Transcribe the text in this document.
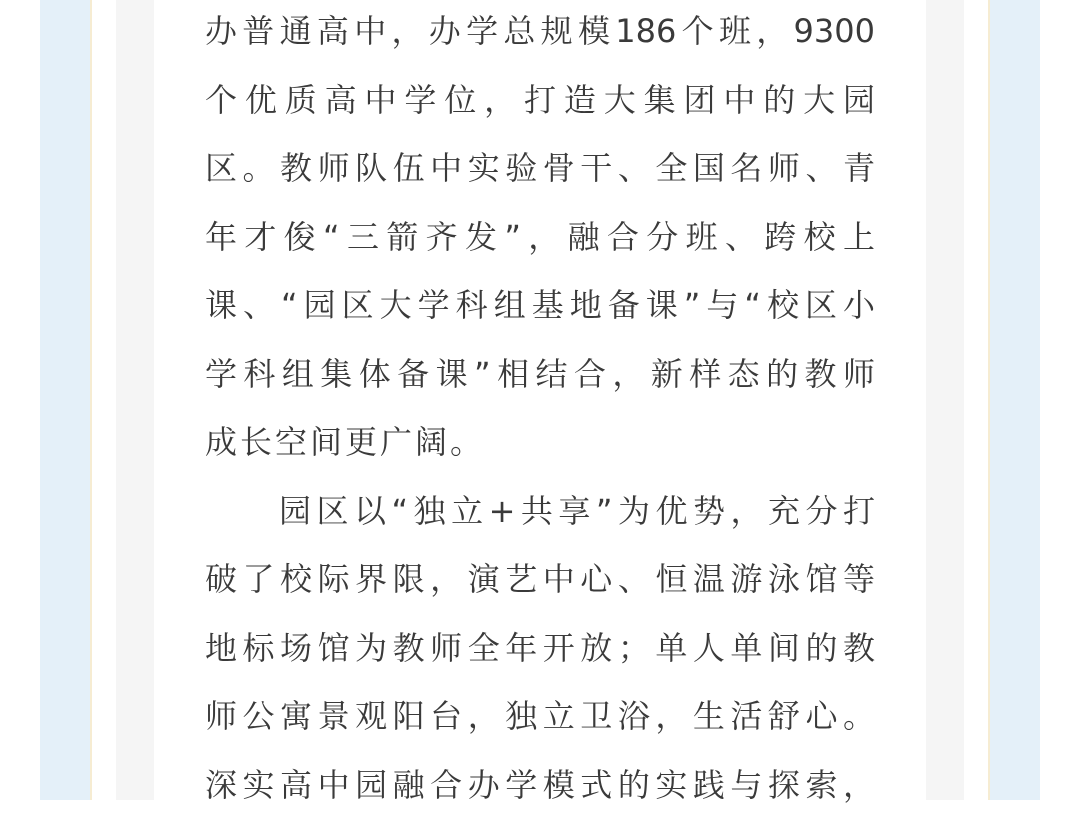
办普通高中，办学总规模186个班，9300
个优质高中学位，打造大集团中的大园
区。教师队伍中实验骨干、全国名师、青
年才俊“三箭齐发”，融合分班、跨校上
课、“园区大学科组基地备课”与“校区小
学科组集体备课”相结合，新样态的教师
成长空间更广阔。
园区以“独立+共享”为优势，充分打
破了校际界限，演艺中心、恒温游泳馆等
地标场馆为教师全年开放；单人单间的教
师公寓景观阳台，独立卫浴，生活舒心。
深实高中园融合办学模式的实践与探索，
